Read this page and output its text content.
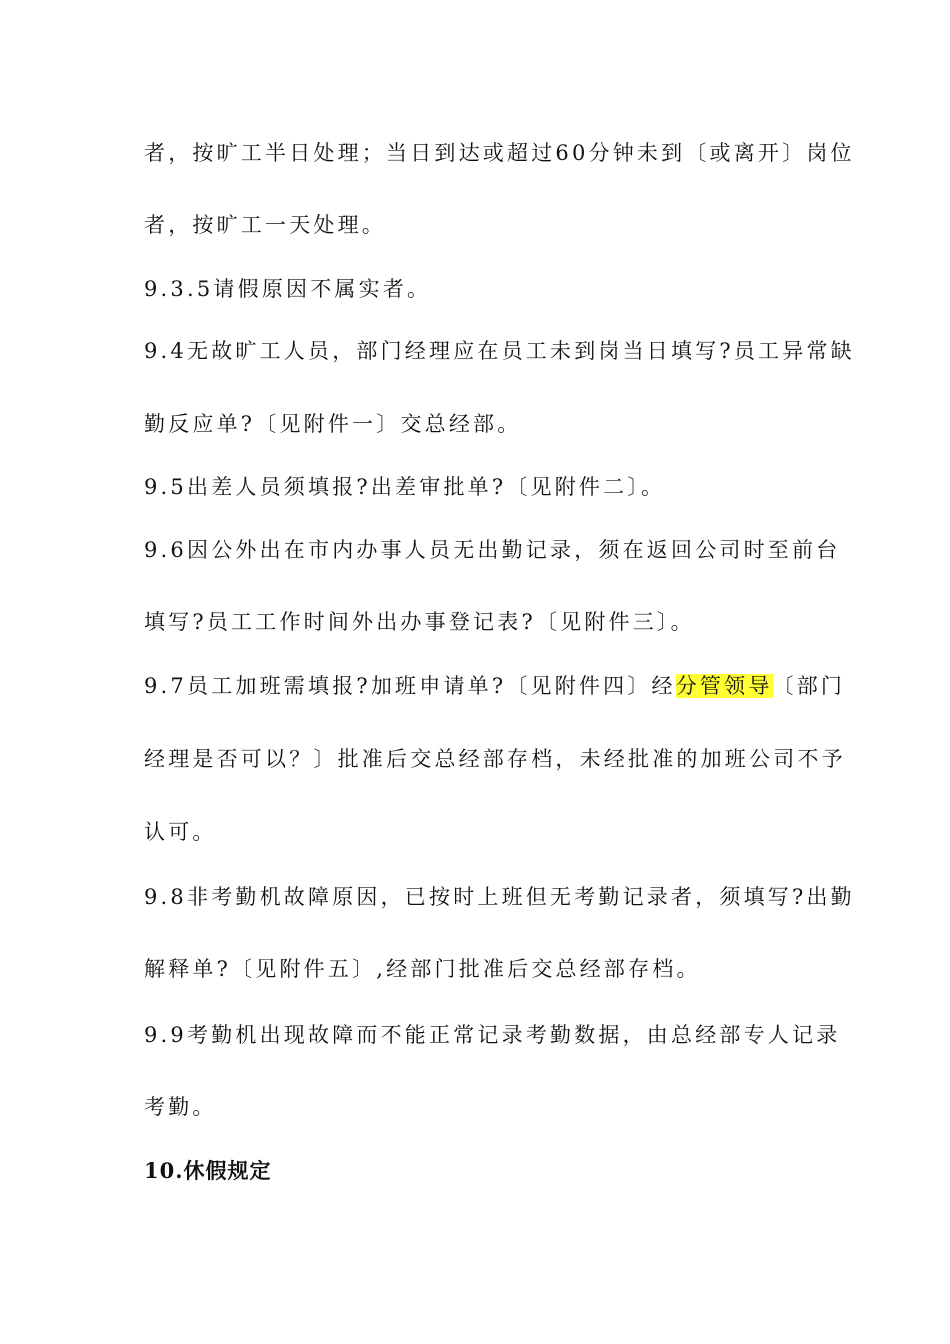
者，按旷工半日处理；当日到达或超过60分钟未到〔或离开〕岗位
者，按旷工一天处理。
9.3.5请假原因不属实者。
9.4无故旷工人员，部门经理应在员工未到岗当日填写?员工异常缺
勤反应单?〔见附件一〕交总经部。
9.5出差人员须填报?出差审批单?〔见附件二〕。
9.6因公外出在市内办事人员无出勤记录，须在返回公司时至前台
填写?员工工作时间外出办事登记表?〔见附件三〕。
9.7员工加班需填报?加班申请单?〔见附件四〕经分管领导〔部门
经理是否可以？〕批准后交总经部存档，未经批准的加班公司不予
认可。
9.8非考勤机故障原因，已按时上班但无考勤记录者，须填写?出勤
解释单?〔见附件五〕,经部门批准后交总经部存档。
9.9考勤机出现故障而不能正常记录考勤数据，由总经部专人记录
考勤。
10.休假规定
